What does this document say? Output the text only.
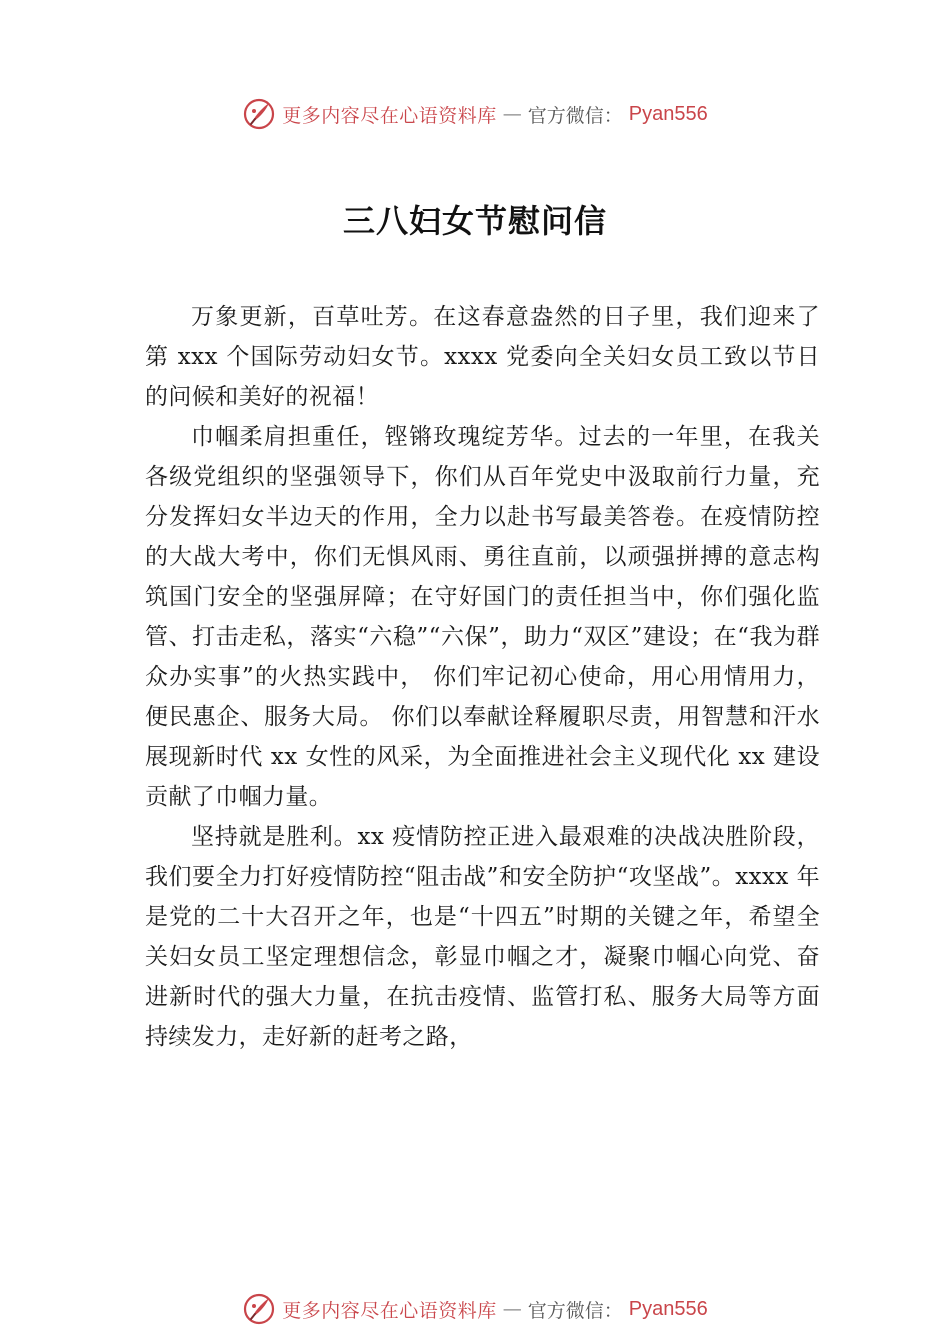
更多内容尽在心语资料库 — 官方微信： Pyan556
三八妇女节慰问信

万象更新，百草吐芳。在这春意盎然的日子里，我们迎来了第 xxx 个国际劳动妇女节。xxxx 党委向全关妇女员工致以节日的问候和美好的祝福！

巾帼柔肩担重任，铿锵玫瑰绽芳华。过去的一年里，在我关各级党组织的坚强领导下，你们从百年党史中汲取前行力量，充分发挥妇女半边天的作用，全力以赴书写最美答卷。在疫情防控的大战大考中，你们无惧风雨、勇往直前，以顽强拼搏的意志构筑国门安全的坚强屏障；在守好国门的责任担当中，你们强化监管、打击走私，落实“六稳”“六保”，助力“双区”建设；在“我为群众办实事”的火热实践中， 你们牢记初心使命，用心用情用力，便民惠企、服务大局。 你们以奉献诠释履职尽责，用智慧和汗水展现新时代 xx 女性的风采，为全面推进社会主义现代化 xx 建设贡献了巾帼力量。

坚持就是胜利。xx 疫情防控正进入最艰难的决战决胜阶段，我们要全力打好疫情防控“阻击战”和安全防护“攻坚战”。xxxx 年是党的二十大召开之年，也是“十四五”时期的关键之年，希望全关妇女员工坚定理想信念，彰显巾帼之才，凝聚巾帼心向党、奋进新时代的强大力量，在抗击疫情、监管打私、服务大局等方面持续发力，走好新的赶考之路，

更多内容尽在心语资料库 — 官方微信： Pyan556
